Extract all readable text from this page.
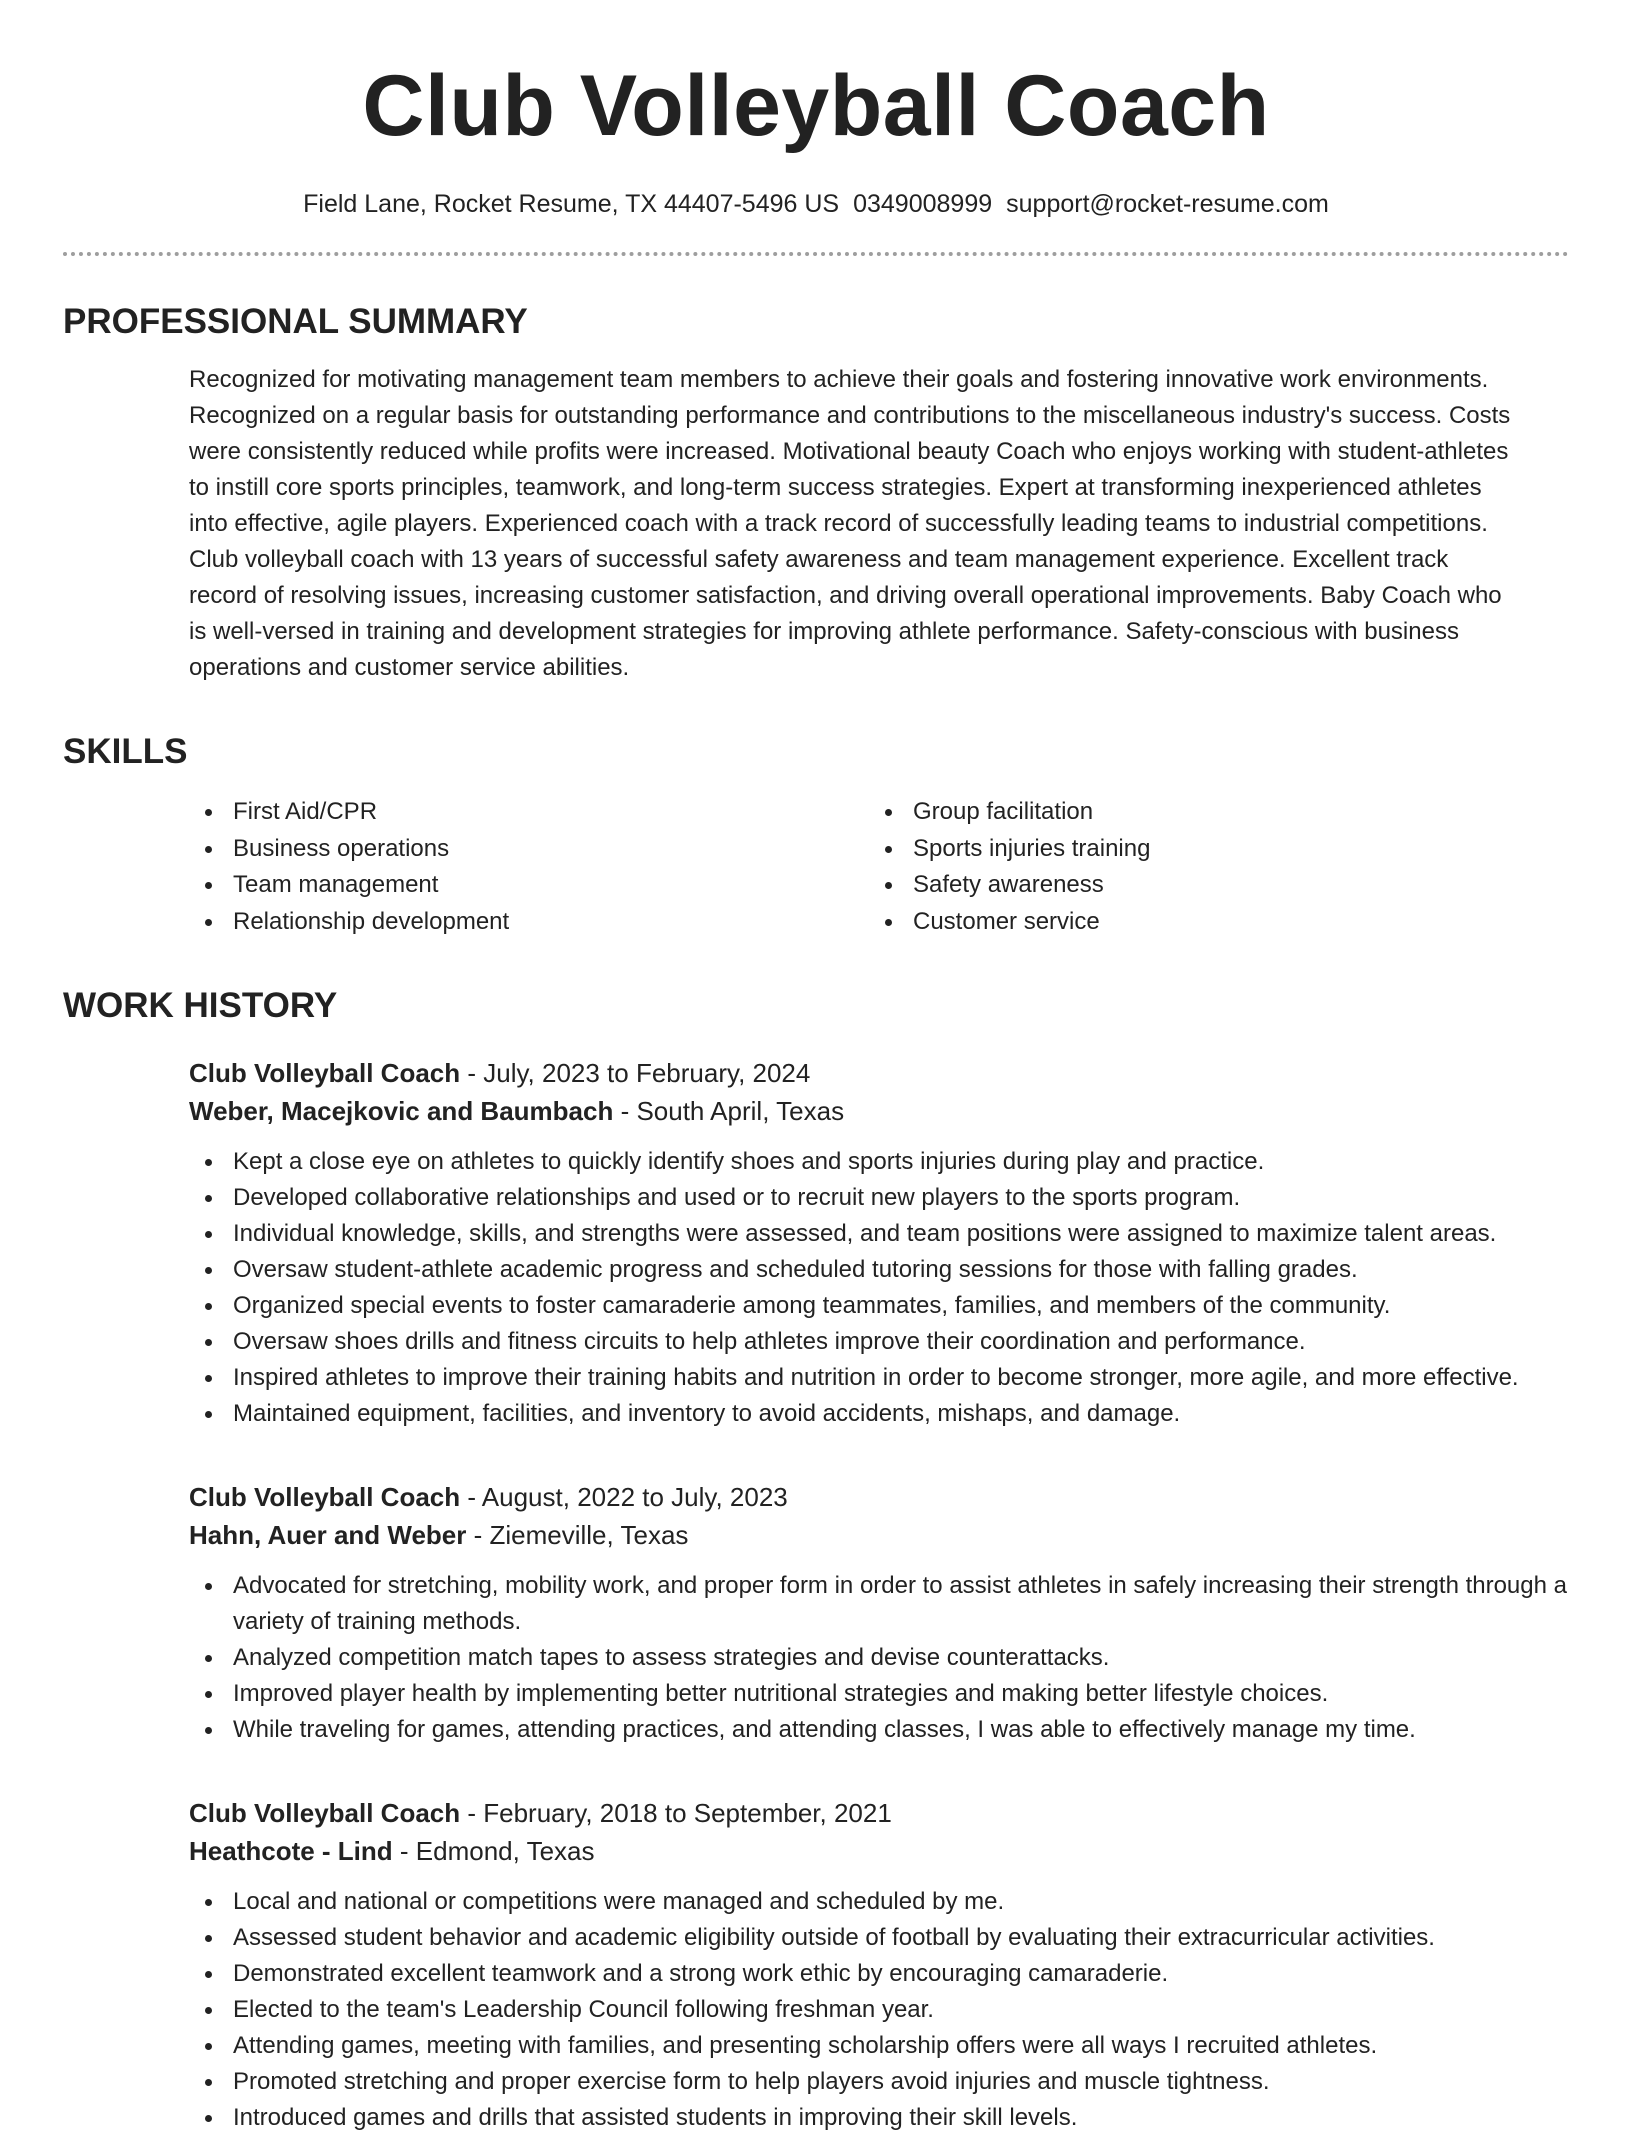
Club Volleyball Coach
Field Lane, Rocket Resume, TX 44407-5496 US 0349008999 support@rocket-resume.com
PROFESSIONAL SUMMARY
Recognized for motivating management team members to achieve their goals and fostering innovative work environments.
Recognized on a regular basis for outstanding performance and contributions to the miscellaneous industry's success. Costs
were consistently reduced while profits were increased. Motivational beauty Coach who enjoys working with student-athletes
to instill core sports principles, teamwork, and long-term success strategies. Expert at transforming inexperienced athletes
into effective, agile players. Experienced coach with a track record of successfully leading teams to industrial competitions.
Club volleyball coach with 13 years of successful safety awareness and team management experience. Excellent track
record of resolving issues, increasing customer satisfaction, and driving overall operational improvements. Baby Coach who
is well-versed in training and development strategies for improving athlete performance. Safety-conscious with business
operations and customer service abilities.
SKILLS
First Aid/CPR
Business operations
Team management
Relationship development
Group facilitation
Sports injuries training
Safety awareness
Customer service
WORK HISTORY
Club Volleyball Coach - July, 2023 to February, 2024
Weber, Macejkovic and Baumbach - South April, Texas
Kept a close eye on athletes to quickly identify shoes and sports injuries during play and practice.
Developed collaborative relationships and used or to recruit new players to the sports program.
Individual knowledge, skills, and strengths were assessed, and team positions were assigned to maximize talent areas.
Oversaw student-athlete academic progress and scheduled tutoring sessions for those with falling grades.
Organized special events to foster camaraderie among teammates, families, and members of the community.
Oversaw shoes drills and fitness circuits to help athletes improve their coordination and performance.
Inspired athletes to improve their training habits and nutrition in order to become stronger, more agile, and more effective.
Maintained equipment, facilities, and inventory to avoid accidents, mishaps, and damage.
Club Volleyball Coach - August, 2022 to July, 2023
Hahn, Auer and Weber - Ziemeville, Texas
Advocated for stretching, mobility work, and proper form in order to assist athletes in safely increasing their strength through a variety of training methods.
Analyzed competition match tapes to assess strategies and devise counterattacks.
Improved player health by implementing better nutritional strategies and making better lifestyle choices.
While traveling for games, attending practices, and attending classes, I was able to effectively manage my time.
Club Volleyball Coach - February, 2018 to September, 2021
Heathcote - Lind - Edmond, Texas
Local and national or competitions were managed and scheduled by me.
Assessed student behavior and academic eligibility outside of football by evaluating their extracurricular activities.
Demonstrated excellent teamwork and a strong work ethic by encouraging camaraderie.
Elected to the team's Leadership Council following freshman year.
Attending games, meeting with families, and presenting scholarship offers were all ways I recruited athletes.
Promoted stretching and proper exercise form to help players avoid injuries and muscle tightness.
Introduced games and drills that assisted students in improving their skill levels.
